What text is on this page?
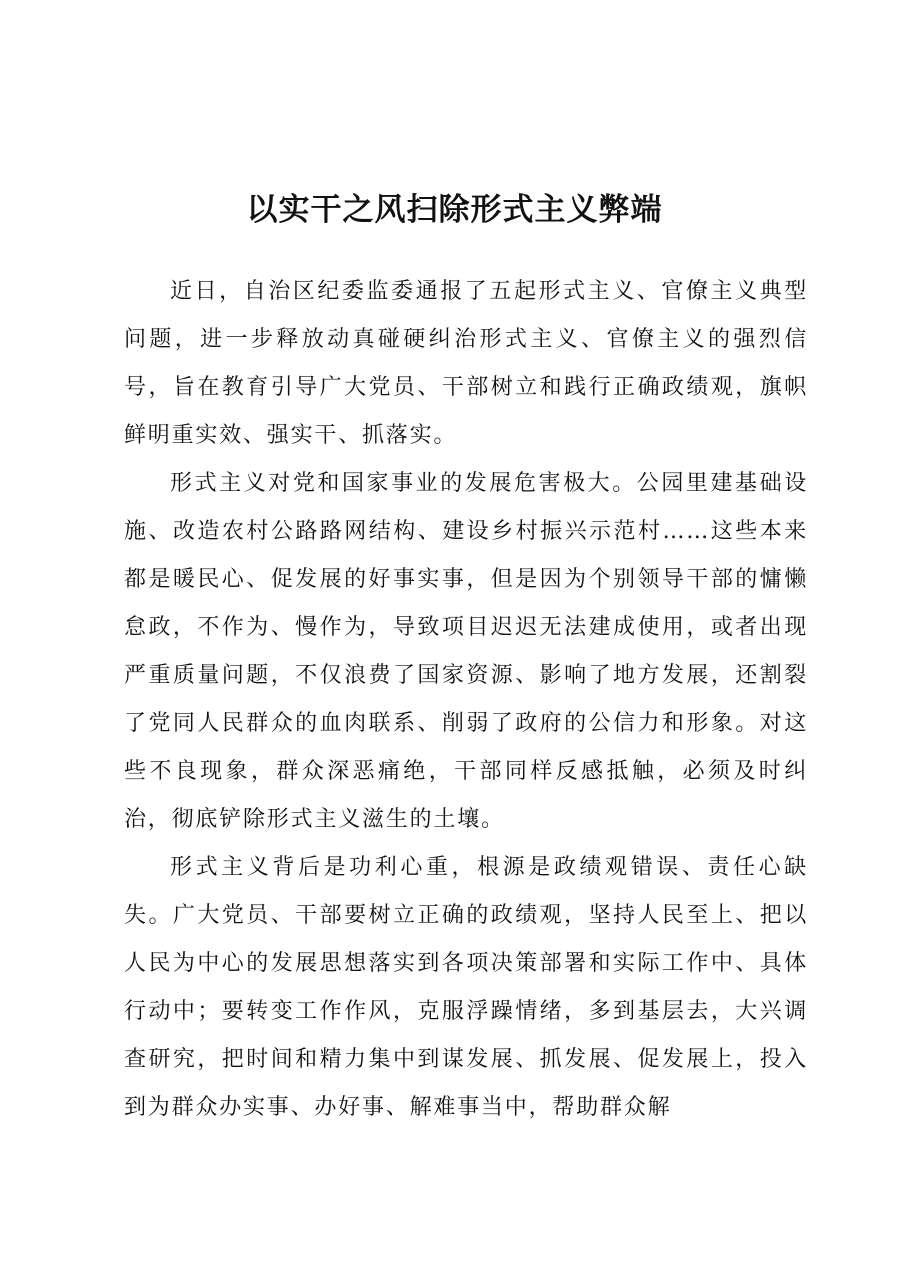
以实干之风扫除形式主义弊端

近日，自治区纪委监委通报了五起形式主义、官僚主义典型问题，进一步释放动真碰硬纠治形式主义、官僚主义的强烈信号，旨在教育引导广大党员、干部树立和践行正确政绩观，旗帜鲜明重实效、强实干、抓落实。

形式主义对党和国家事业的发展危害极大。公园里建基础设施、改造农村公路路网结构、建设乡村振兴示范村……这些本来都是暖民心、促发展的好事实事，但是因为个别领导干部的慵懒怠政，不作为、慢作为，导致项目迟迟无法建成使用，或者出现严重质量问题，不仅浪费了国家资源、影响了地方发展，还割裂了党同人民群众的血肉联系、削弱了政府的公信力和形象。对这些不良现象，群众深恶痛绝，干部同样反感抵触，必须及时纠治，彻底铲除形式主义滋生的土壤。

形式主义背后是功利心重，根源是政绩观错误、责任心缺失。广大党员、干部要树立正确的政绩观，坚持人民至上、把以人民为中心的发展思想落实到各项决策部署和实际工作中、具体行动中；要转变工作作风，克服浮躁情绪，多到基层去，大兴调查研究，把时间和精力集中到谋发展、抓发展、促发展上，投入到为群众办实事、办好事、解难事当中，帮助群众解
